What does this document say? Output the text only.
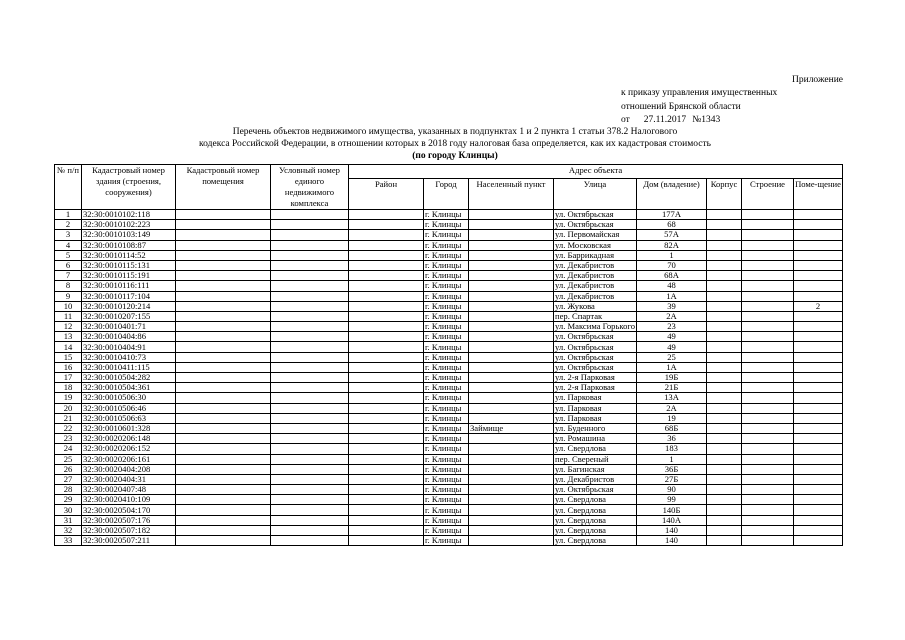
Приложение
к приказу управления имущественных
отношений Брянской области
от 27.11.2017 №1343
Перечень объектов недвижимого имущества, указанных в подпунктах 1 и 2 пункта 1 статьи 378.2 Налогового
кодекса Российской Федерации, в отношении которых в 2018 году налоговая база определяется, как их кадастровая стоимость
(по городу Клинцы)
№ п/п	Кадастровый номер здания (строения, сооружения)	Кадастровый номер помещения	Условный номер единого недвижимого комплекса	Адрес объекта							
				Район	Город	Населенный пункт	Улица	Дом (владение)	Корпус	Строение	Поме-щение
1	32:30:0010102:118				г. Клинцы		ул. Октябрьская	177А			
2	32:30:0010102:223				г. Клинцы		ул. Октябрьская	68			
3	32:30:0010103:149				г. Клинцы		ул. Первомайская	57А			
4	32:30:0010108:87				г. Клинцы		ул. Московская	82А			
5	32:30:0010114:52				г. Клинцы		ул. Баррикадная	1			
6	32:30:0010115:131				г. Клинцы		ул. Декабристов	70			
7	32:30:0010115:191				г. Клинцы		ул. Декабристов	68А			
8	32:30:0010116:111				г. Клинцы		ул. Декабристов	48			
9	32:30:0010117:104				г. Клинцы		ул. Декабристов	1А			
10	32:30:0010120:214				г. Клинцы		ул. Жукова	39			2
11	32:30:0010207:155				г. Клинцы		пер. Спартак	2А			
12	32:30:0010401:71				г. Клинцы		ул. Максима Горького	23			
13	32:30:0010404:86				г. Клинцы		ул. Октябрьская	49			
14	32:30:0010404:91				г. Клинцы		ул. Октябрьская	49			
15	32:30:0010410:73				г. Клинцы		ул. Октябрьская	25			
16	32:30:0010411:115				г. Клинцы		ул. Октябрьская	1А			
17	32:30:0010504:282				г. Клинцы		ул. 2-я Парковая	19Б			
18	32:30:0010504:361				г. Клинцы		ул. 2-я Парковая	21Б			
19	32:30:0010506:30				г. Клинцы		ул. Парковая	13А			
20	32:30:0010506:46				г. Клинцы		ул. Парковая	2А			
21	32:30:0010506:63				г. Клинцы		ул. Парковая	19			
22	32:30:0010601:328				г. Клинцы	Займище	ул. Буденного	68Б			
23	32:30:0020206:148				г. Клинцы		ул. Ромашина	36			
24	32:30:0020206:152				г. Клинцы		ул. Свердлова	183			
25	32:30:0020206:161				г. Клинцы		пер. Свереный	1			
26	32:30:0020404:208				г. Клинцы		ул. Багинская	36Б			
27	32:30:0020404:31				г. Клинцы		ул. Декабристов	27Б			
28	32:30:0020407:48				г. Клинцы		ул. Октябрьская	90			
29	32:30:0020410:109				г. Клинцы		ул. Свердлова	99			
30	32:30:0020504:170				г. Клинцы		ул. Свердлова	140Б			
31	32:30:0020507:176				г. Клинцы		ул. Свердлова	140А			
32	32:30:0020507:182				г. Клинцы		ул. Свердлова	140			
33	32:30:0020507:211				г. Клинцы		ул. Свердлова	140			
